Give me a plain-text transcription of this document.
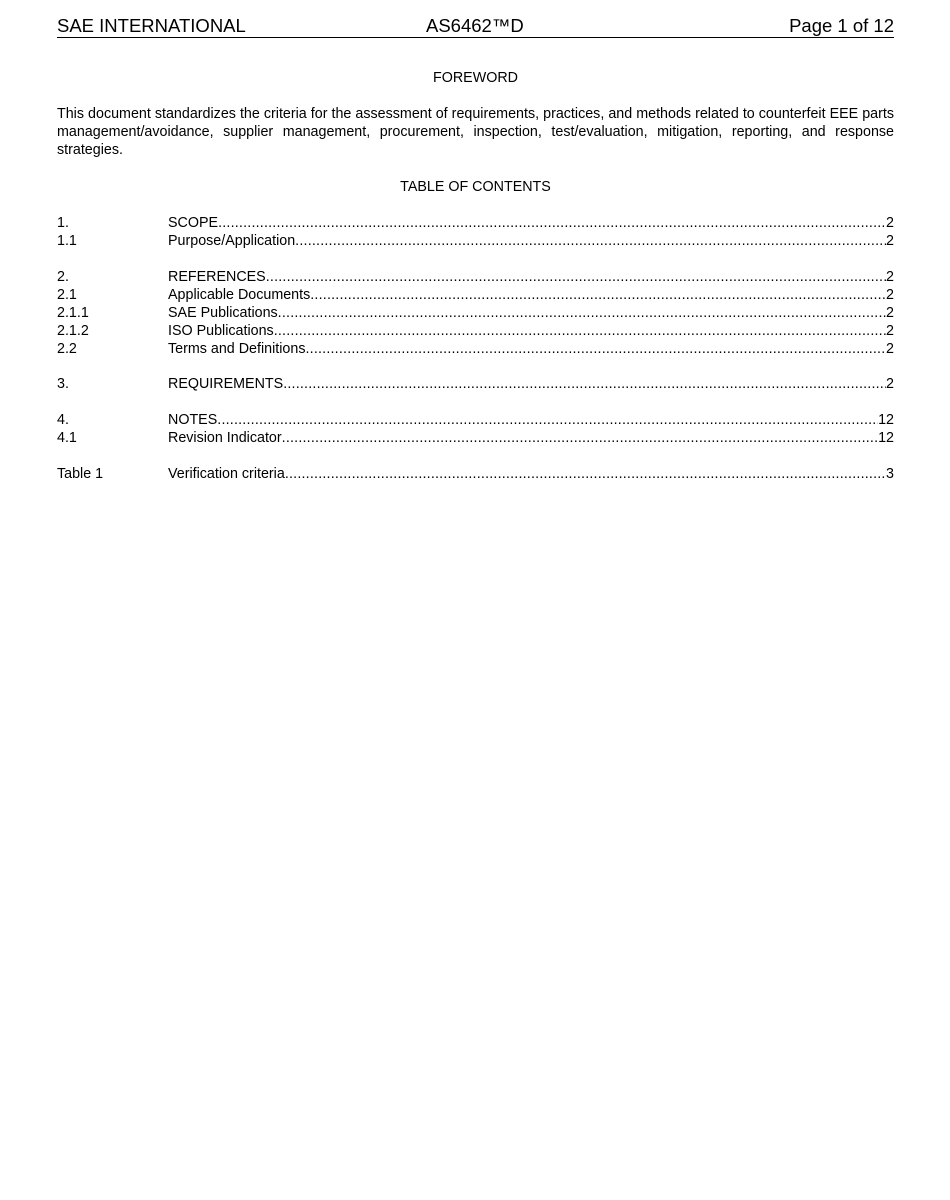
SAE INTERNATIONAL	AS6462™D	Page 1 of 12
FOREWORD
This document standardizes the criteria for the assessment of requirements, practices, and methods related to counterfeit EEE parts management/avoidance, supplier management, procurement, inspection, test/evaluation, mitigation, reporting, and response strategies.
TABLE OF CONTENTS
1.	SCOPE .....	2
1.1	Purpose/Application .....	2
2.	REFERENCES .....	2
2.1	Applicable Documents .....	2
2.1.1	SAE Publications .....	2
2.1.2	ISO Publications .....	2
2.2	Terms and Definitions .....	2
3.	REQUIREMENTS .....	2
4.	NOTES .....	12
4.1	Revision Indicator .....	12
Table 1	Verification criteria .....	3
